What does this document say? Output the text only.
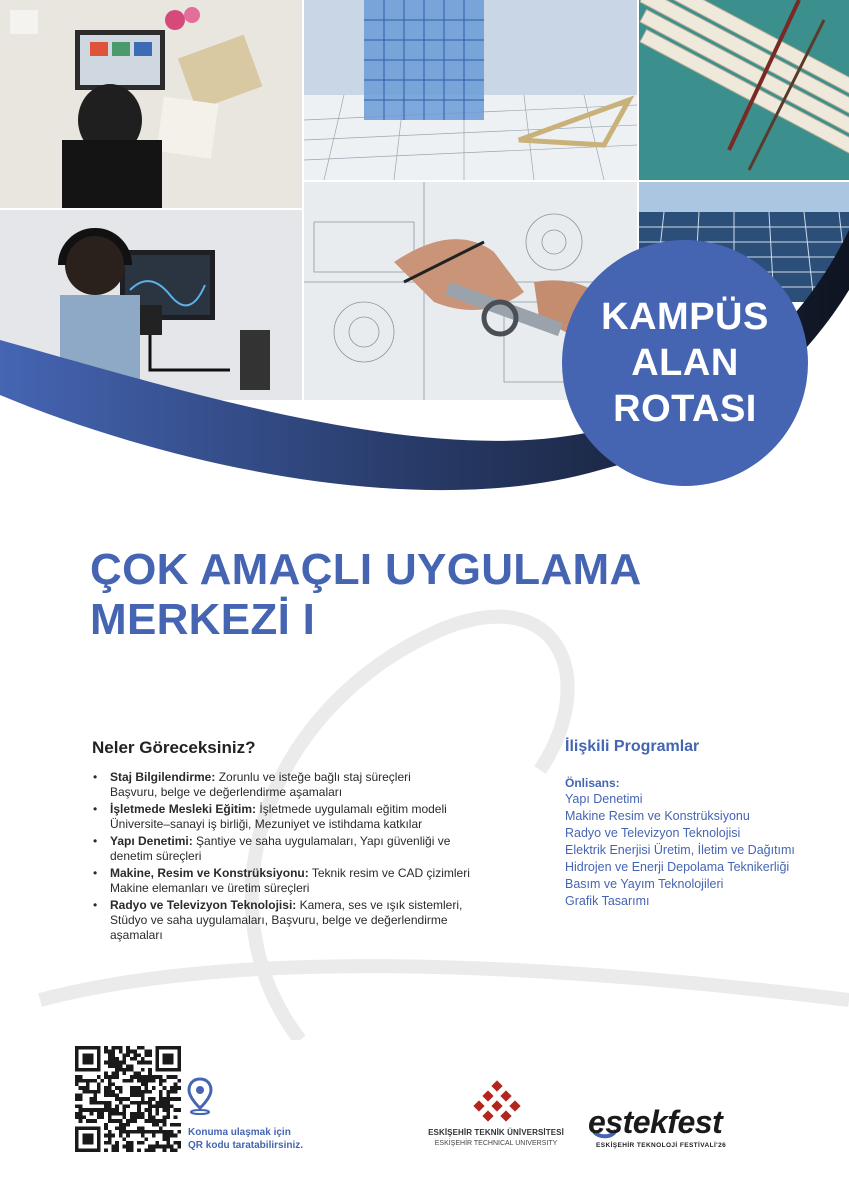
KAMPÜS
ALAN
ROTASI
ÇOK AMAÇLI UYGULAMA
MERKEZİ I
Neler Göreceksiniz?
• Staj Bilgilendirme: Zorunlu ve isteğe bağlı staj süreçleri
Başvuru, belge ve değerlendirme aşamaları
• İşletmede Mesleki Eğitim: İşletmede uygulamalı eğitim modeli
Üniversite–sanayi iş birliği, Mezuniyet ve istihdama katkılar
• Yapı Denetimi: Şantiye ve saha uygulamaları, Yapı güvenliği ve
denetim süreçleri
• Makine, Resim ve Konstrüksiyonu: Teknik resim ve CAD çizimleri
Makine elemanları ve üretim süreçleri
• Radyo ve Televizyon Teknolojisi: Kamera, ses ve ışık sistemleri,
Stüdyo ve saha uygulamaları, Başvuru, belge ve değerlendirme
aşamaları
İlişkili Programlar
Önlisans:
Yapı Denetimi
Makine Resim ve Konstrüksiyonu
Radyo ve Televizyon Teknolojisi
Elektrik Enerjisi Üretim, İletim ve Dağıtımı
Hidrojen ve Enerji Depolama Teknikerliği
Basım ve Yayım Teknolojileri
Grafik Tasarımı
Konuma ulaşmak için
QR kodu taratabilirsiniz.
ESKİŞEHİR TEKNİK ÜNİVERSİTESİ
ESKİŞEHİR TECHNICAL UNIVERSITY
estekfest
ESKİŞEHİR TEKNOLOJİ FESTİVALİ'26
